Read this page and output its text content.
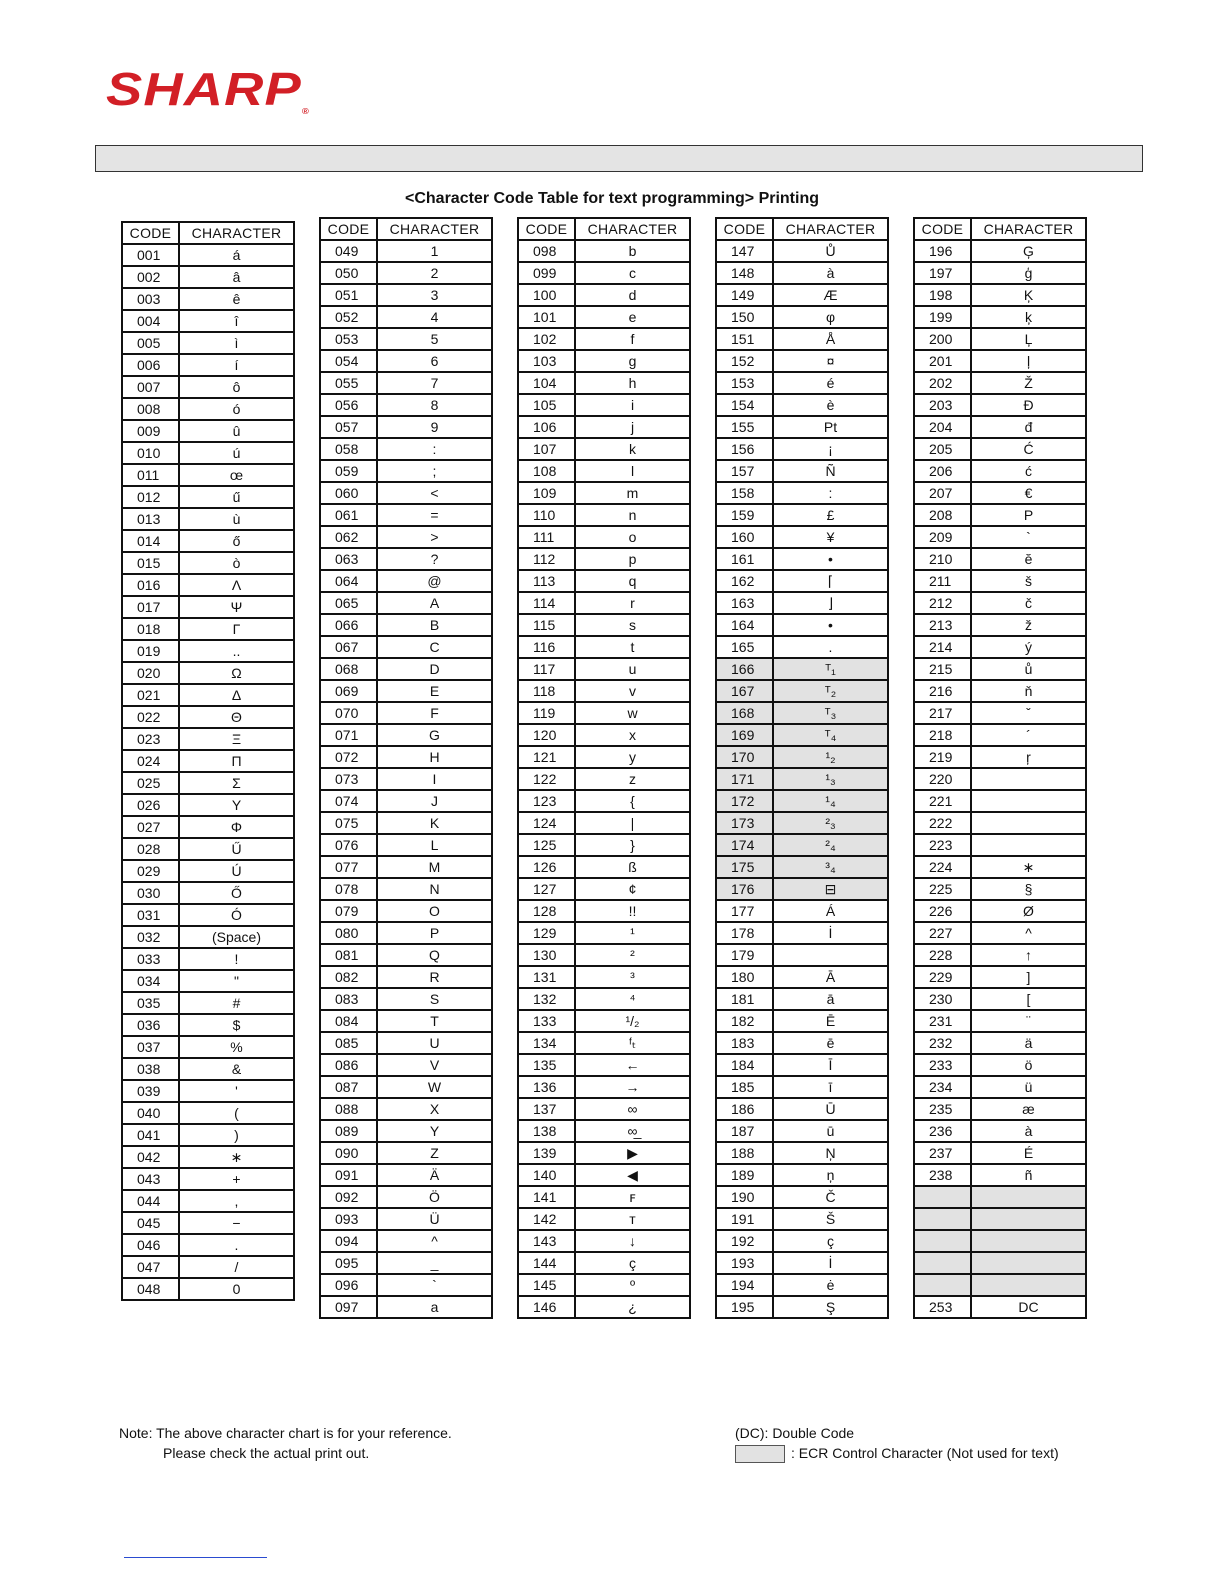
SHARP®
<Character Code Table for text programming> Printing
CODE	CHARACTER
001	á
002	â
003	ê
004	î
005	ì
006	í
007	ô
008	ó
009	û
010	ú
011	œ
012	ű
013	ù
014	ő
015	ò
016	Λ
017	Ψ
018	Γ
019	..
020	Ω
021	Δ
022	Θ
023	Ξ
024	Π
025	Σ
026	Y
027	Φ
028	Ű
029	Ú
030	Ő
031	Ó
032	(Space)
033	!
034	"
035	#
036	$
037	%
038	&
039	'
040	(
041	)
042	∗
043	+
044	,
045	−
046	.
047	/
048	0
CODE	CHARACTER
049	1
050	2
051	3
052	4
053	5
054	6
055	7
056	8
057	9
058	:
059	;
060	<
061	=
062	>
063	?
064	@
065	A
066	B
067	C
068	D
069	E
070	F
071	G
072	H
073	I
074	J
075	K
076	L
077	M
078	N
079	O
080	P
081	Q
082	R
083	S
084	T
085	U
086	V
087	W
088	X
089	Y
090	Z
091	Ä
092	Ö
093	Ü
094	^
095	_
096	`
097	a
CODE	CHARACTER
098	b
099	c
100	d
101	e
102	f
103	g
104	h
105	i
106	j
107	k
108	l
109	m
110	n
111	o
112	p
113	q
114	r
115	s
116	t
117	u
118	v
119	w
120	x
121	y
122	z
123	{
124	|
125	}
126	ß
127	¢
128	!!
129	¹
130	²
131	³
132	⁴
133	¹/₂
134	ᶠₜ
135	←
136	→
137	∞
138	∞̲
139	▶
140	◀
141	ꜰ
142	ᴛ
143	↓
144	ç
145	º
146	¿
CODE	CHARACTER
147	Ů
148	à
149	Æ
150	φ
151	Å
152	¤
153	é
154	è
155	Pt
156	¡
157	Ñ
158	:
159	£
160	¥
161	•
162	⌈
163	⌋
164	•
165	.
166	ᵀ₁
167	ᵀ₂
168	ᵀ₃
169	ᵀ₄
170	¹₂
171	¹₃
172	¹₄
173	²₃
174	²₄
175	³₄
176	⊟
177	Á
178	İ
179	
180	Ā
181	ā
182	Ē
183	ē
184	Ī
185	ī
186	Ū
187	ū
188	Ņ
189	ņ
190	Č
191	Š
192	ç
193	İ
194	ė
195	Ş
CODE	CHARACTER
196	Ģ
197	ģ
198	Ķ
199	ķ
200	Ļ
201	ļ
202	Ž
203	Đ
204	đ
205	Ć
206	ć
207	€
208	P
209	`
210	ĕ
211	š
212	č
213	ž
214	ý
215	ů
216	ň
217	ˇ
218	´
219	ŗ
220	
221	
222	
223	
224	∗
225	§
226	Ø
227	^
228	↑
229	]
230	[
231	¨
232	ä
233	ö
234	ü
235	æ
236	à
237	É
238	ñ

253	DC
Note: The above character chart is for your reference.
Please check the actual print out.
(DC): Double Code
: ECR Control Character (Not used for text)
